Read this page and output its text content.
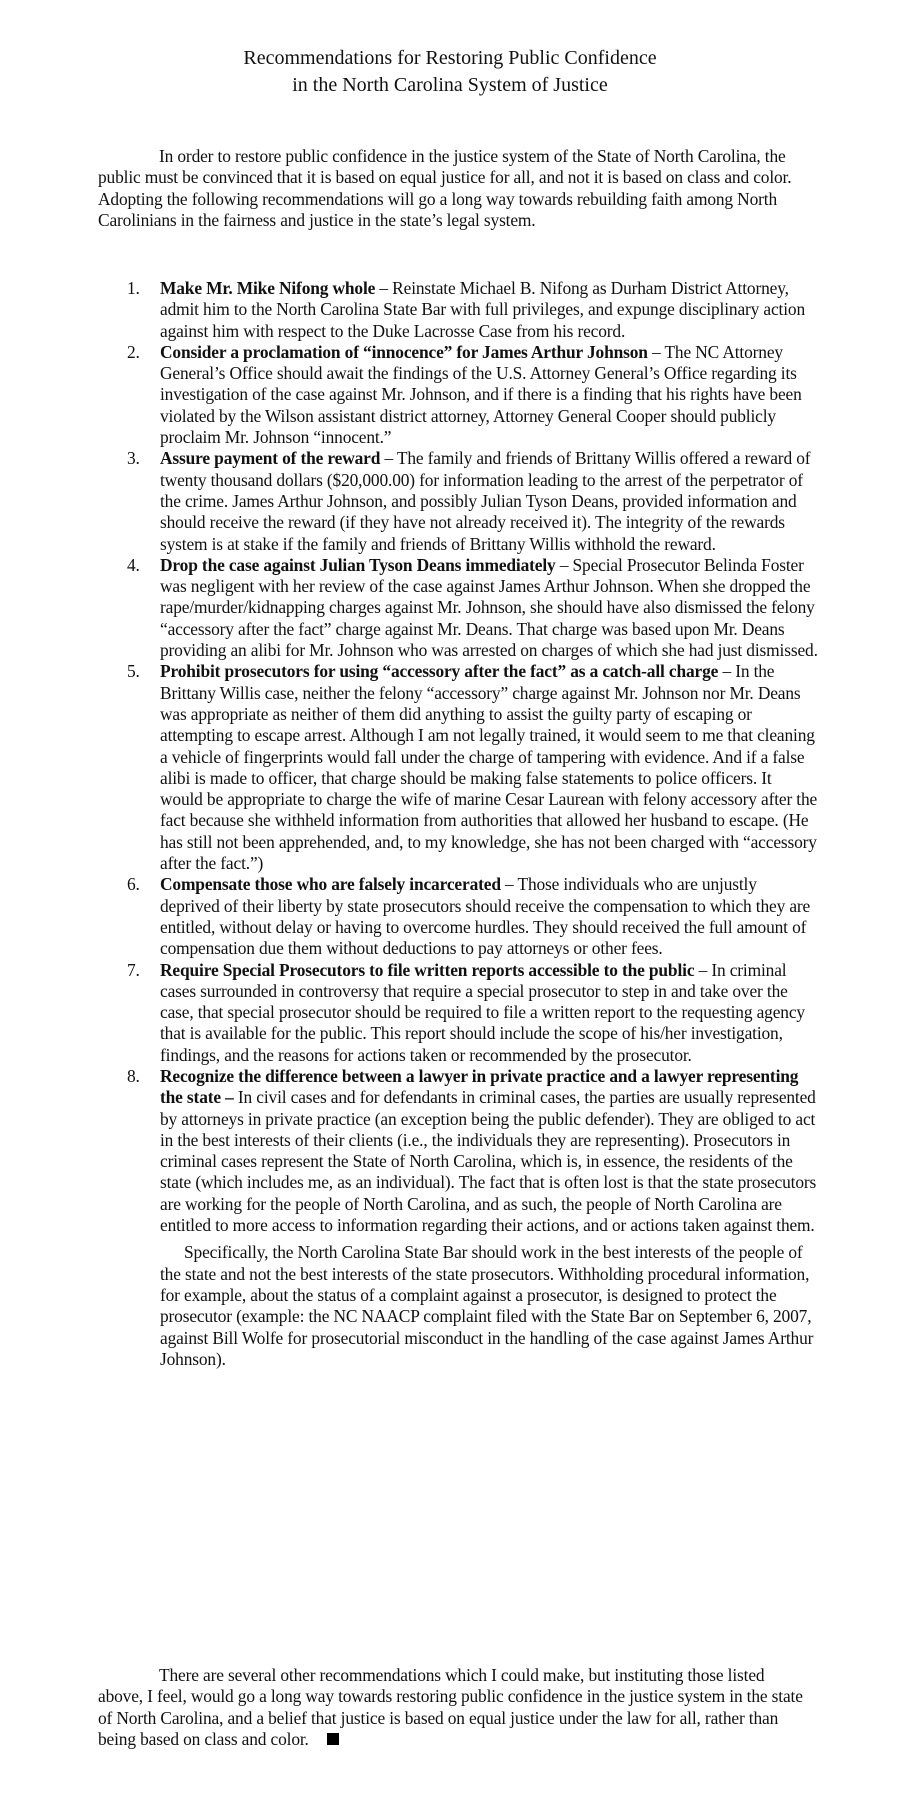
Recommendations for Restoring Public Confidence
in the North Carolina System of Justice

In order to restore public confidence in the justice system of the State of North Carolina, the public must be convinced that it is based on equal justice for all, and not it is based on class and color. Adopting the following recommendations will go a long way towards rebuilding faith among North Carolinians in the fairness and justice in the state’s legal system.

1. Make Mr. Mike Nifong whole – Reinstate Michael B. Nifong as Durham District Attorney, admit him to the North Carolina State Bar with full privileges, and expunge disciplinary action against him with respect to the Duke Lacrosse Case from his record.
2. Consider a proclamation of “innocence” for James Arthur Johnson – The NC Attorney General’s Office should await the findings of the U.S. Attorney General’s Office regarding its investigation of the case against Mr. Johnson, and if there is a finding that his rights have been violated by the Wilson assistant district attorney, Attorney General Cooper should publicly proclaim Mr. Johnson “innocent.”
3. Assure payment of the reward – The family and friends of Brittany Willis offered a reward of twenty thousand dollars ($20,000.00) for information leading to the arrest of the perpetrator of the crime. James Arthur Johnson, and possibly Julian Tyson Deans, provided information and should receive the reward (if they have not already received it). The integrity of the rewards system is at stake if the family and friends of Brittany Willis withhold the reward.
4. Drop the case against Julian Tyson Deans immediately – Special Prosecutor Belinda Foster was negligent with her review of the case against James Arthur Johnson. When she dropped the rape/murder/kidnapping charges against Mr. Johnson, she should have also dismissed the felony “accessory after the fact” charge against Mr. Deans. That charge was based upon Mr. Deans providing an alibi for Mr. Johnson who was arrested on charges of which she had just dismissed.
5. Prohibit prosecutors for using “accessory after the fact” as a catch-all charge – In the Brittany Willis case, neither the felony “accessory” charge against Mr. Johnson nor Mr. Deans was appropriate as neither of them did anything to assist the guilty party of escaping or attempting to escape arrest. Although I am not legally trained, it would seem to me that cleaning a vehicle of fingerprints would fall under the charge of tampering with evidence. And if a false alibi is made to officer, that charge should be making false statements to police officers. It would be appropriate to charge the wife of marine Cesar Laurean with felony accessory after the fact because she withheld information from authorities that allowed her husband to escape. (He has still not been apprehended, and, to my knowledge, she has not been charged with “accessory after the fact.”)
6. Compensate those who are falsely incarcerated – Those individuals who are unjustly deprived of their liberty by state prosecutors should receive the compensation to which they are entitled, without delay or having to overcome hurdles. They should received the full amount of compensation due them without deductions to pay attorneys or other fees.
7. Require Special Prosecutors to file written reports accessible to the public – In criminal cases surrounded in controversy that require a special prosecutor to step in and take over the case, that special prosecutor should be required to file a written report to the requesting agency that is available for the public. This report should include the scope of his/her investigation, findings, and the reasons for actions taken or recommended by the prosecutor.
8. Recognize the difference between a lawyer in private practice and a lawyer representing the state – In civil cases and for defendants in criminal cases, the parties are usually represented by attorneys in private practice (an exception being the public defender). They are obliged to act in the best interests of their clients (i.e., the individuals they are representing). Prosecutors in criminal cases represent the State of North Carolina, which is, in essence, the residents of the state (which includes me, as an individual). The fact that is often lost is that the state prosecutors are working for the people of North Carolina, and as such, the people of North Carolina are entitled to more access to information regarding their actions, and or actions taken against them.

Specifically, the North Carolina State Bar should work in the best interests of the people of the state and not the best interests of the state prosecutors. Withholding procedural information, for example, about the status of a complaint against a prosecutor, is designed to protect the prosecutor (example: the NC NAACP complaint filed with the State Bar on September 6, 2007, against Bill Wolfe for prosecutorial misconduct in the handling of the case against James Arthur Johnson).

There are several other recommendations which I could make, but instituting those listed above, I feel, would go a long way towards restoring public confidence in the justice system in the state of North Carolina, and a belief that justice is based on equal justice under the law for all, rather than being based on class and color.
